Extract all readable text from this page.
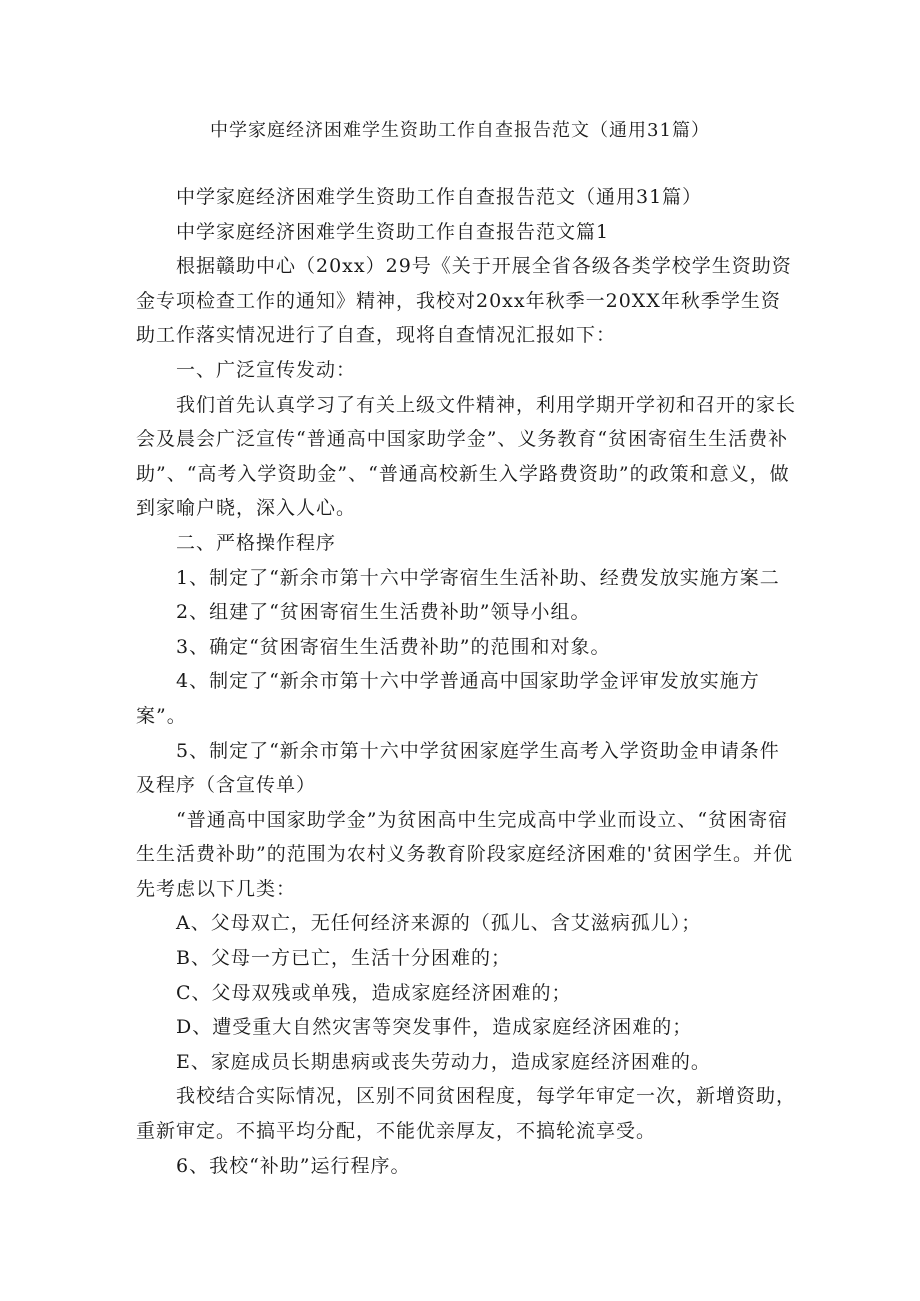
中学家庭经济困难学生资助工作自查报告范文（通用31篇）

中学家庭经济困难学生资助工作自查报告范文（通用31篇）

中学家庭经济困难学生资助工作自查报告范文篇1

根据赣助中心（20xx）29号《关于开展全省各级各类学校学生资助资金专项检查工作的通知》精神，我校对20xx年秋季一20XX年秋季学生资助工作落实情况进行了自查，现将自查情况汇报如下：

一、广泛宣传发动：

我们首先认真学习了有关上级文件精神，利用学期开学初和召开的家长会及晨会广泛宣传“普通高中国家助学金”、义务教育“贫困寄宿生生活费补助”、“高考入学资助金”、“普通高校新生入学路费资助”的政策和意义，做到家喻户晓，深入人心。

二、严格操作程序

1、制定了“新余市第十六中学寄宿生生活补助、经费发放实施方案二

2、组建了“贫困寄宿生生活费补助”领导小组。

3、确定“贫困寄宿生生活费补助”的范围和对象。

4、制定了“新余市第十六中学普通高中国家助学金评审发放实施方案”。

5、制定了“新余市第十六中学贫困家庭学生高考入学资助金申请条件及程序（含宣传单）

“普通高中国家助学金”为贫困高中生完成高中学业而设立、“贫困寄宿生生活费补助”的范围为农村义务教育阶段家庭经济困难的'贫困学生。并优先考虑以下几类：

A、父母双亡，无任何经济来源的（孤儿、含艾滋病孤儿）；

B、父母一方已亡，生活十分困难的；

C、父母双残或单残，造成家庭经济困难的；

D、遭受重大自然灾害等突发事件，造成家庭经济困难的；

E、家庭成员长期患病或丧失劳动力，造成家庭经济困难的。

我校结合实际情况，区别不同贫困程度，每学年审定一次，新增资助，重新审定。不搞平均分配，不能优亲厚友，不搞轮流享受。

6、我校“补助”运行程序。
